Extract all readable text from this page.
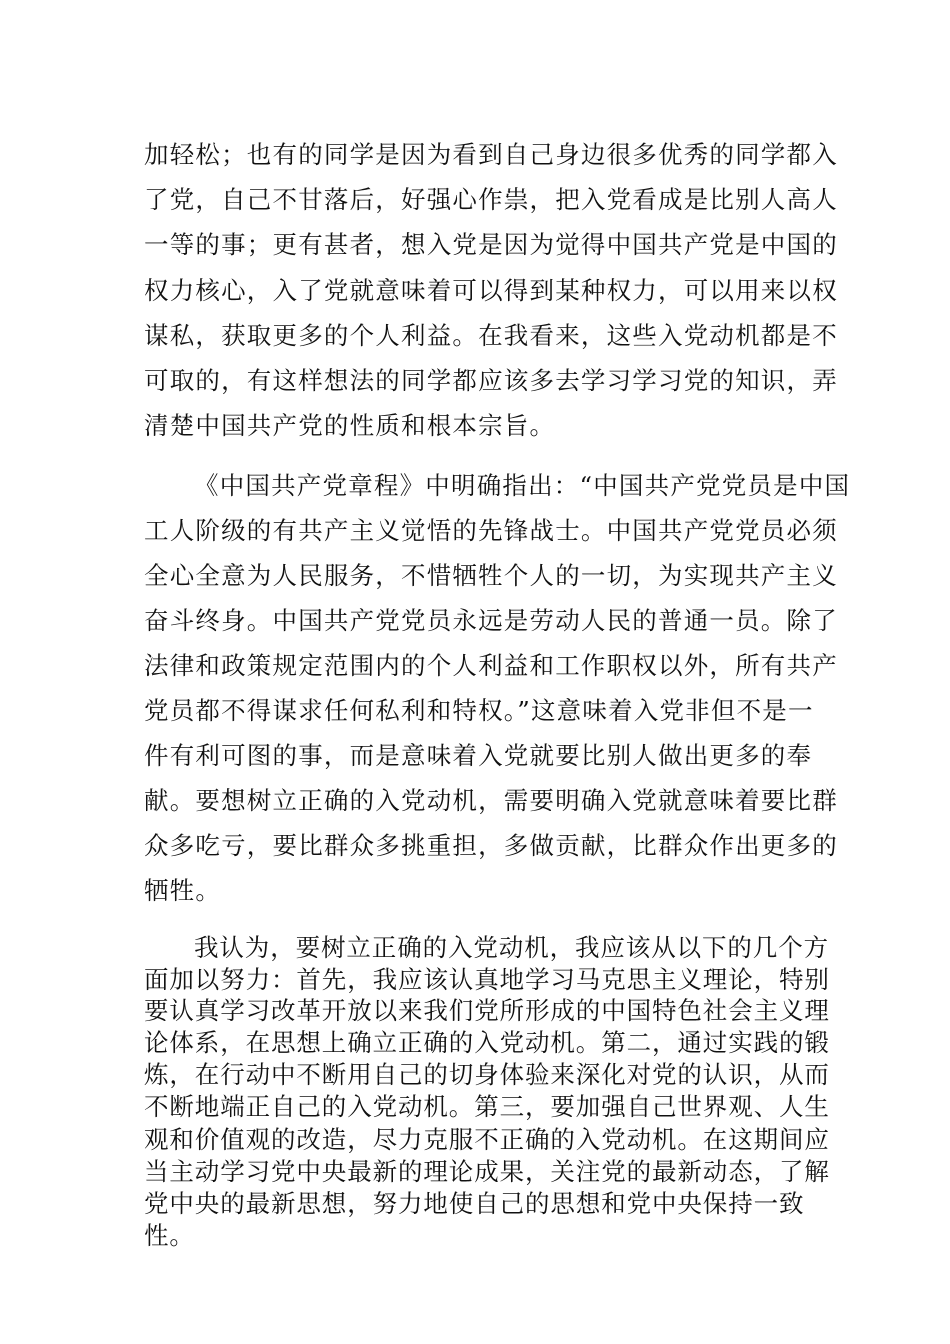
加轻松；也有的同学是因为看到自己身边很多优秀的同学都入
了党，自己不甘落后，好强心作祟，把入党看成是比别人高人
一等的事；更有甚者，想入党是因为觉得中国共产党是中国的
权力核心，入了党就意味着可以得到某种权力，可以用来以权
谋私，获取更多的个人利益。在我看来，这些入党动机都是不
可取的，有这样想法的同学都应该多去学习学习党的知识，弄
清楚中国共产党的性质和根本宗旨。
《中国共产党章程》中明确指出：“中国共产党党员是中国
工人阶级的有共产主义觉悟的先锋战士。中国共产党党员必须
全心全意为人民服务，不惜牺牲个人的一切，为实现共产主义
奋斗终身。中国共产党党员永远是劳动人民的普通一员。除了
法律和政策规定范围内的个人利益和工作职权以外，所有共产
党员都不得谋求任何私利和特权。”这意味着入党非但不是一
件有利可图的事，而是意味着入党就要比别人做出更多的奉
献。要想树立正确的入党动机，需要明确入党就意味着要比群
众多吃亏，要比群众多挑重担，多做贡献，比群众作出更多的
牺牲。
我认为，要树立正确的入党动机，我应该从以下的几个方
面加以努力：首先，我应该认真地学习马克思主义理论，特别
要认真学习改革开放以来我们党所形成的中国特色社会主义理
论体系，在思想上确立正确的入党动机。第二，通过实践的锻
炼，在行动中不断用自己的切身体验来深化对党的认识，从而
不断地端正自己的入党动机。第三，要加强自己世界观、人生
观和价值观的改造，尽力克服不正确的入党动机。在这期间应
当主动学习党中央最新的理论成果，关注党的最新动态，了解
党中央的最新思想，努力地使自己的思想和党中央保持一致
性。
